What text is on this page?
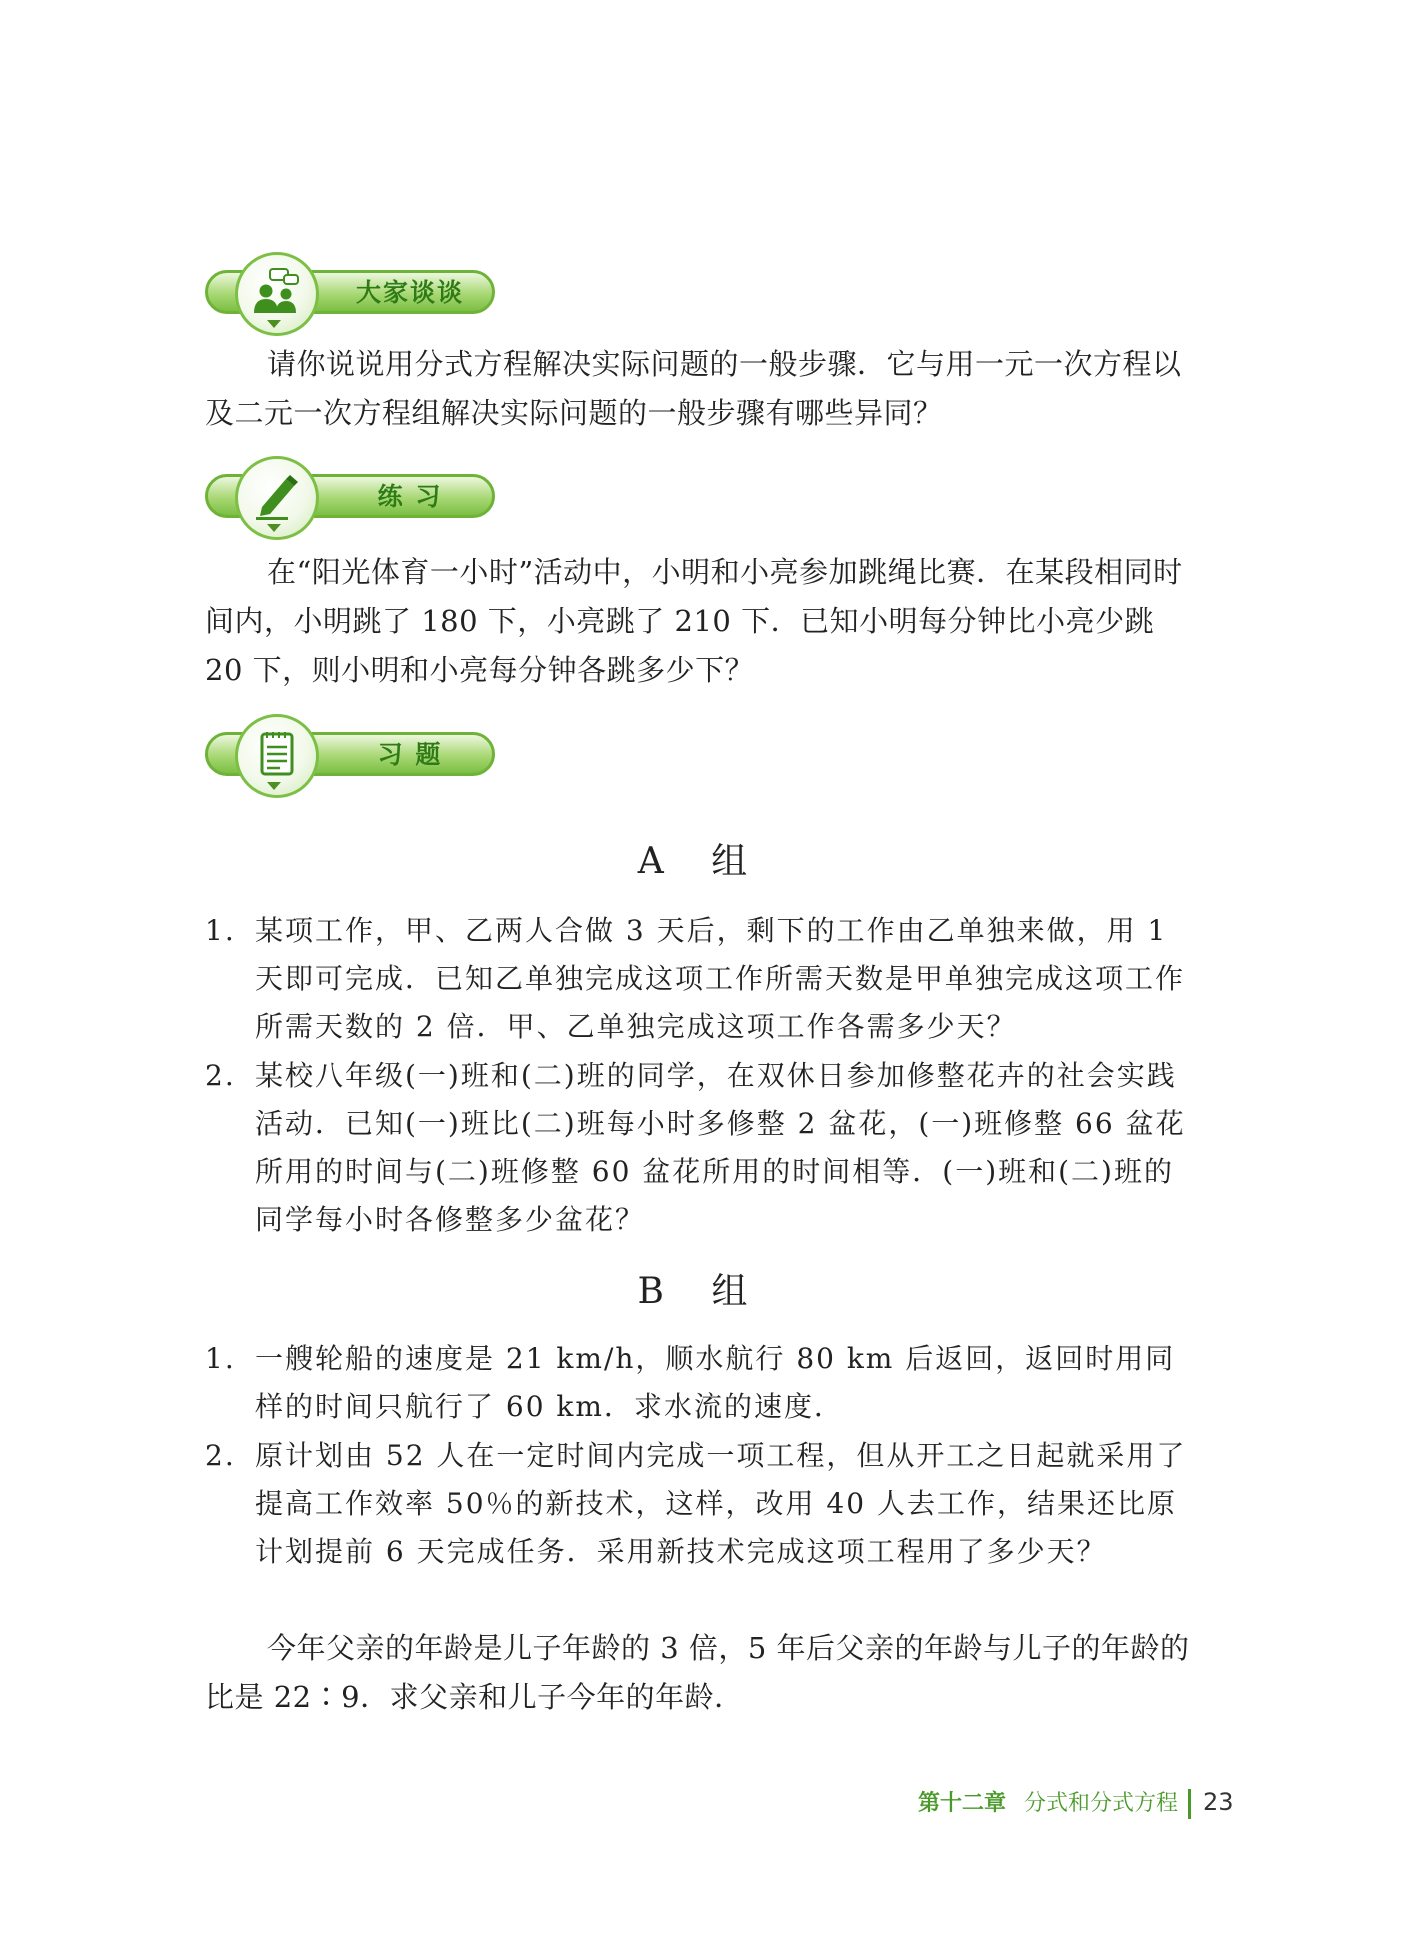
大家谈谈

请你说说用分式方程解决实际问题的一般步骤．它与用一元一次方程以及二元一次方程组解决实际问题的一般步骤有哪些异同？

练 习

在“阳光体育一小时”活动中，小明和小亮参加跳绳比赛．在某段相同时间内，小明跳了 180 下，小亮跳了 210 下．已知小明每分钟比小亮少跳 20 下，则小明和小亮每分钟各跳多少下？

习 题
A 组
1. 某项工作，甲、乙两人合做 3 天后，剩下的工作由乙单独来做，用 1 天即可完成．已知乙单独完成这项工作所需天数是甲单独完成这项工作所需天数的 2 倍．甲、乙单独完成这项工作各需多少天？
2. 某校八年级(一)班和(二)班的同学，在双休日参加修整花卉的社会实践活动．已知(一)班比(二)班每小时多修整 2 盆花，(一)班修整 66 盆花所用的时间与(二)班修整 60 盆花所用的时间相等．(一)班和(二)班的同学每小时各修整多少盆花？
B 组
1. 一艘轮船的速度是 21 km/h，顺水航行 80 km 后返回，返回时用同样的时间只航行了 60 km．求水流的速度．
2. 原计划由 52 人在一定时间内完成一项工程，但从开工之日起就采用了提高工作效率 50％的新技术，这样，改用 40 人去工作，结果还比原计划提前 6 天完成任务．采用新技术完成这项工程用了多少天？

今年父亲的年龄是儿子年龄的 3 倍，5 年后父亲的年龄与儿子的年龄的比是 22∶9．求父亲和儿子今年的年龄．

第十二章 分式和分式方程 23
